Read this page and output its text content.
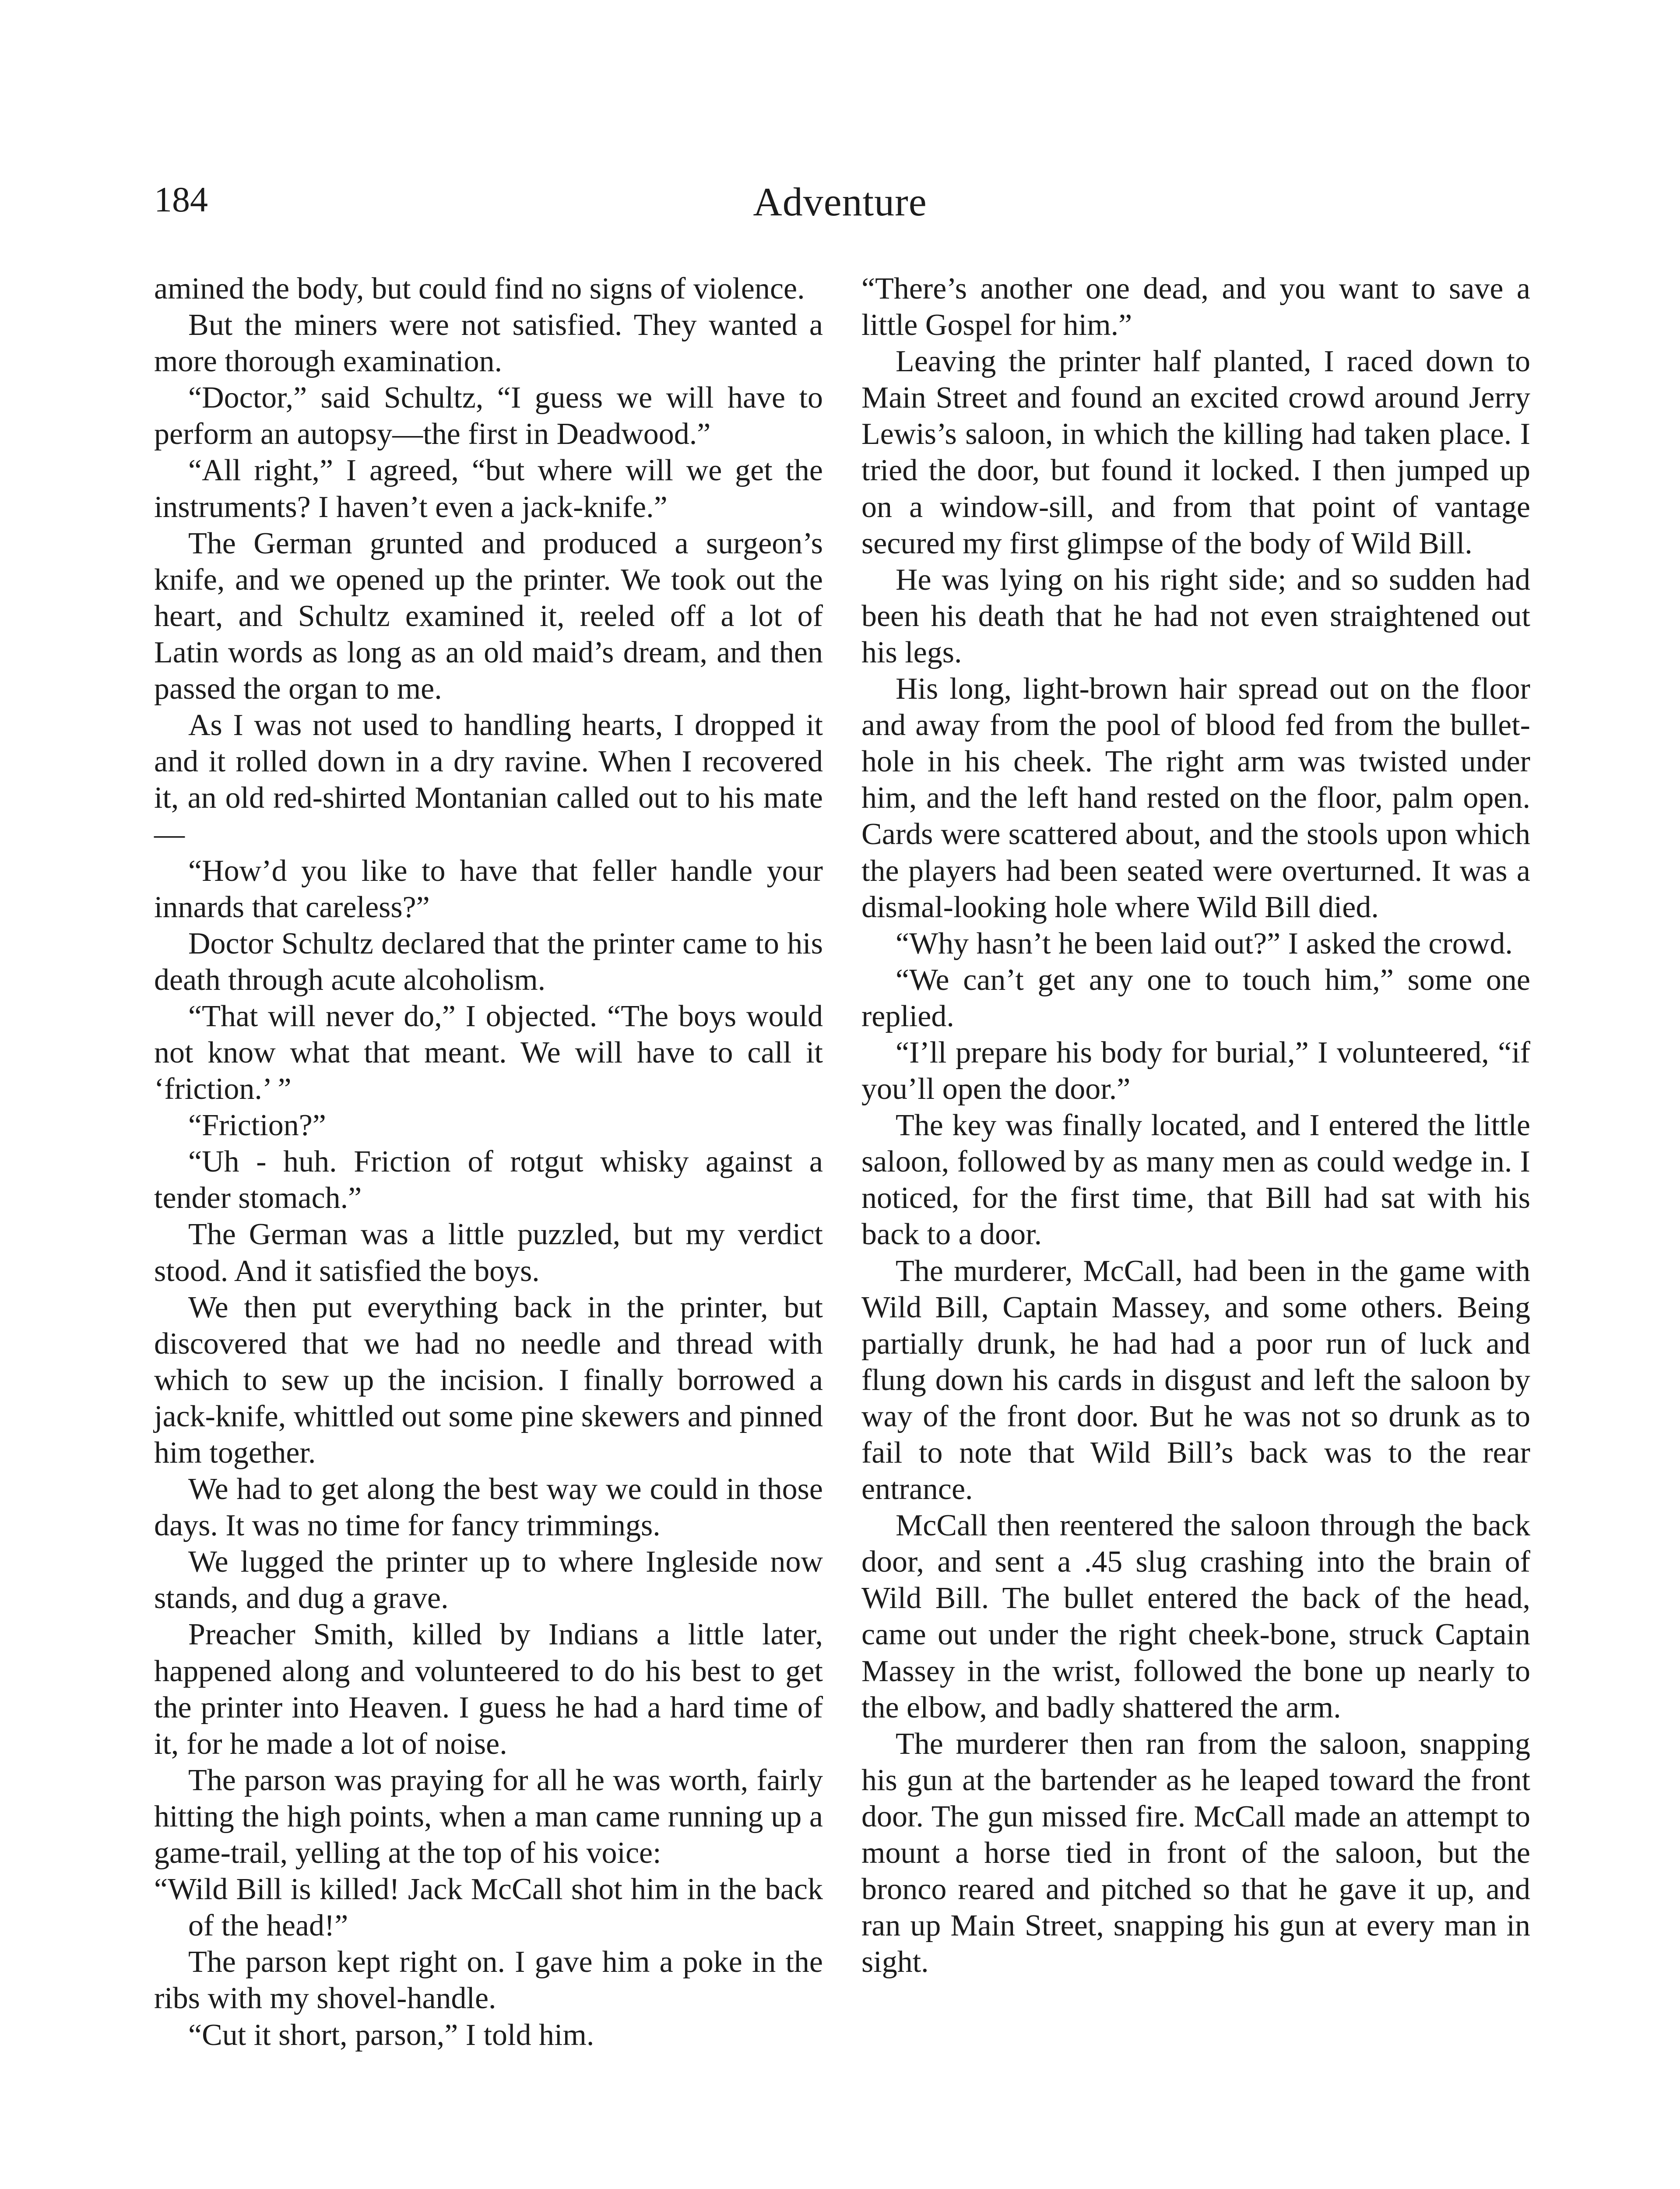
184	Adventure

amined the body, but could find no signs of violence.

But the miners were not satisfied. They wanted a more thorough examination.

“Doctor,” said Schultz, “I guess we will have to perform an autopsy—the first in Deadwood.”

“All right,” I agreed, “but where will we get the instruments? I haven’t even a jack-knife.”

The German grunted and produced a surgeon’s knife, and we opened up the printer. We took out the heart, and Schultz examined it, reeled off a lot of Latin words as long as an old maid’s dream, and then passed the organ to me.

As I was not used to handling hearts, I dropped it and it rolled down in a dry ravine. When I recovered it, an old red-shirted Montanian called out to his mate—

“How’d you like to have that feller handle your innards that careless?”

Doctor Schultz declared that the printer came to his death through acute alcoholism.

“That will never do,” I objected. “The boys would not know what that meant. We will have to call it ‘friction.’ ”

“Friction?”

“Uh - huh. Friction of rotgut whisky against a tender stomach.”

The German was a little puzzled, but my verdict stood. And it satisfied the boys.

We then put everything back in the printer, but discovered that we had no needle and thread with which to sew up the incision. I finally borrowed a jack-knife, whittled out some pine skewers and pinned him together.

We had to get along the best way we could in those days. It was no time for fancy trimmings.

We lugged the printer up to where Ingleside now stands, and dug a grave.

Preacher Smith, killed by Indians a little later, happened along and volunteered to do his best to get the printer into Heaven. I guess he had a hard time of it, for he made a lot of noise.

The parson was praying for all he was worth, fairly hitting the high points, when a man came running up a game-trail, yelling at the top of his voice:

“Wild Bill is killed! Jack McCall shot him in the back of the head!”

The parson kept right on. I gave him a poke in the ribs with my shovel-handle.

“Cut it short, parson,” I told him.

“There’s another one dead, and you want to save a little Gospel for him.”

Leaving the printer half planted, I raced down to Main Street and found an excited crowd around Jerry Lewis’s saloon, in which the killing had taken place. I tried the door, but found it locked. I then jumped up on a window-sill, and from that point of vantage secured my first glimpse of the body of Wild Bill.

He was lying on his right side; and so sudden had been his death that he had not even straightened out his legs.

His long, light-brown hair spread out on the floor and away from the pool of blood fed from the bullet-hole in his cheek. The right arm was twisted under him, and the left hand rested on the floor, palm open. Cards were scattered about, and the stools upon which the players had been seated were overturned. It was a dismal-looking hole where Wild Bill died.

“Why hasn’t he been laid out?” I asked the crowd.

“We can’t get any one to touch him,” some one replied.

“I’ll prepare his body for burial,” I volunteered, “if you’ll open the door.”

The key was finally located, and I entered the little saloon, followed by as many men as could wedge in. I noticed, for the first time, that Bill had sat with his back to a door.

The murderer, McCall, had been in the game with Wild Bill, Captain Massey, and some others. Being partially drunk, he had had a poor run of luck and flung down his cards in disgust and left the saloon by way of the front door. But he was not so drunk as to fail to note that Wild Bill’s back was to the rear entrance.

McCall then reentered the saloon through the back door, and sent a .45 slug crashing into the brain of Wild Bill. The bullet entered the back of the head, came out under the right cheek-bone, struck Captain Massey in the wrist, followed the bone up nearly to the elbow, and badly shattered the arm.

The murderer then ran from the saloon, snapping his gun at the bartender as he leaped toward the front door. The gun missed fire. McCall made an attempt to mount a horse tied in front of the saloon, but the bronco reared and pitched so that he gave it up, and ran up Main Street, snapping his gun at every man in sight.
